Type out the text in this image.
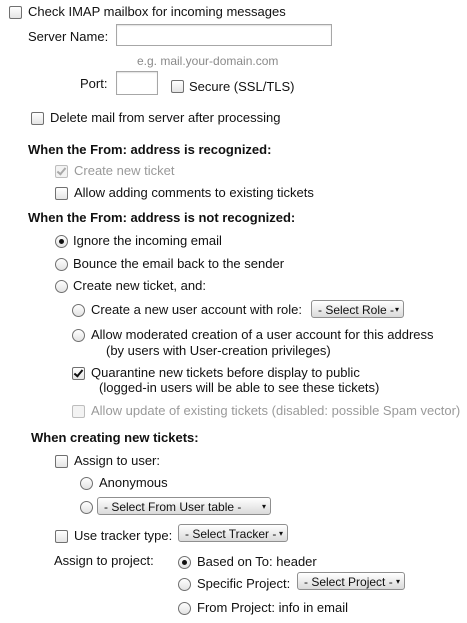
Check IMAP mailbox for incoming messages
Server Name:
e.g. mail.your-domain.com
Port:	Secure (SSL/TLS)
Delete mail from server after processing
When the From: address is recognized:
Create new ticket
Allow adding comments to existing tickets
When the From: address is not recognized:
Ignore the incoming email
Bounce the email back to the sender
Create new ticket, and:
Create a new user account with role:	- Select Role - ▾
Allow moderated creation of a user account for this address
(by users with User-creation privileges)
Quarantine new tickets before display to public
(logged-in users will be able to see these tickets)
Allow update of existing tickets (disabled: possible Spam vector)
When creating new tickets:
Assign to user:
Anonymous
- Select From User table -	▾
Use tracker type:	- Select Tracker - ▾
Assign to project:	Based on To: header
Specific Project:	- Select Project - ▾
From Project: info in email
